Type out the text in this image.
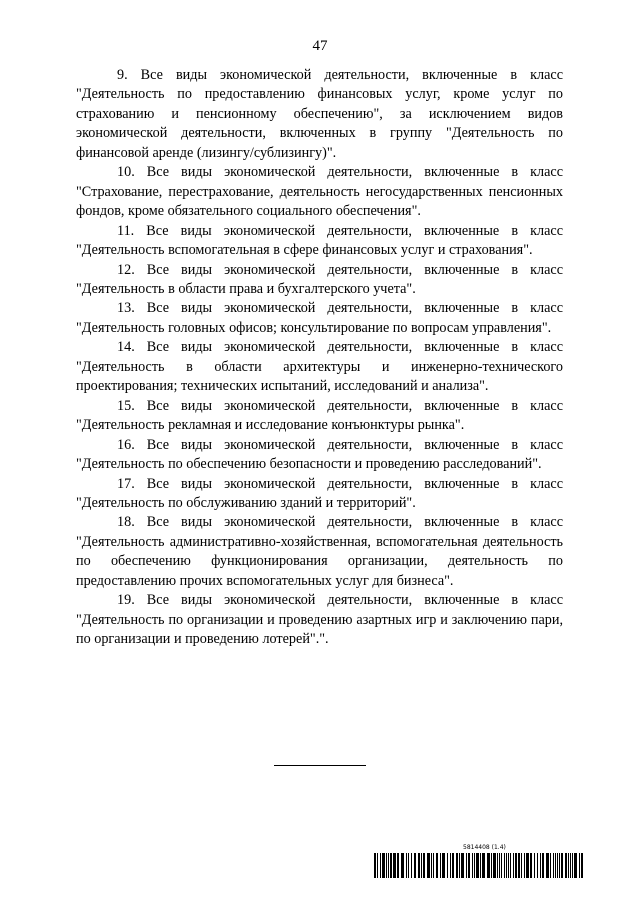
47

9. Все виды экономической деятельности, включенные в класс "Деятельность по предоставлению финансовых услуг, кроме услуг по страхованию и пенсионному обеспечению", за исключением видов экономической деятельности, включенных в группу "Деятельность по финансовой аренде (лизингу/сублизингу)".

10. Все виды экономической деятельности, включенные в класс "Страхование, перестрахование, деятельность негосударственных пенсионных фондов, кроме обязательного социального обеспечения".

11. Все виды экономической деятельности, включенные в класс "Деятельность вспомогательная в сфере финансовых услуг и страхования".

12. Все виды экономической деятельности, включенные в класс "Деятельность в области права и бухгалтерского учета".

13. Все виды экономической деятельности, включенные в класс "Деятельность головных офисов; консультирование по вопросам управления".

14. Все виды экономической деятельности, включенные в класс "Деятельность в области архитектуры и инженерно-технического проектирования; технических испытаний, исследований и анализа".

15. Все виды экономической деятельности, включенные в класс "Деятельность рекламная и исследование конъюнктуры рынка".

16. Все виды экономической деятельности, включенные в класс "Деятельность по обеспечению безопасности и проведению расследований".

17. Все виды экономической деятельности, включенные в класс "Деятельность по обслуживанию зданий и территорий".

18. Все виды экономической деятельности, включенные в класс "Деятельность административно-хозяйственная, вспомогательная деятельность по обеспечению функционирования организации, деятельность по предоставлению прочих вспомогательных услуг для бизнеса".

19. Все виды экономической деятельности, включенные в класс "Деятельность по организации и проведению азартных игр и заключению пари, по организации и проведению лотерей".".

5814408 (1.4)
